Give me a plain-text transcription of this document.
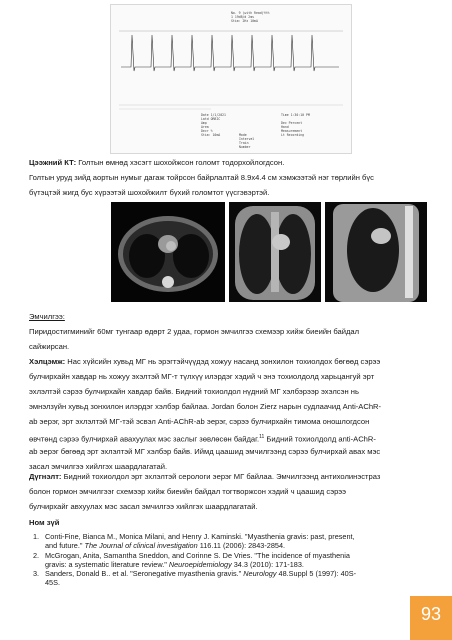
No. 9 (with Read)%%%
1 19dB/d 2ms
Stim: 2Hz 10mA
Date 1/1/2021
Latd ORBIC
Amp
Area
Decr %
Stim: 10mA	Mode
Interval
Train
Number
Time 1:30:10 PM
Dec Percent
Hand
Measurement
Lt Recording
Цээжний КТ: Голтын өмнөд хэсэгт шохойжсон голомт тодорхойлогдсон.
Голтын уруд зийд аортын нумыг дагаж тойрсон байрлалтай 8.9х4.4 см хэмжээтэй нэг төрлийн бүс
бүтэцтэй жигд бус хүрээтэй шохойжилт бүхий голомтот үүсгэвэртэй.
Эмчилгээ:
Пиридостигминийг 60мг тунгаар өдөрт 2 удаа, гормон эмчилгээ схемээр хийж биеийн байдал
сайжирсан.
Хэлцэмж: Нас хүйсийн хувьд МГ нь эрэгтэйчүүдэд хожуу насанд зонхилон тохиолдох бөгөөд сэрээ
булчирхайн хавдар нь хожуу эхэлтэй МГ-т түлхүү илэрдэг хэдий ч энэ тохиолдолд харьцангуй эрт
эхлэлтэй сэрээ булчирхайн хавдар байв. Бидний тохиолдол нүдний МГ хэлбэрээр эхэлсэн нь
эмнэлзүйн хувьд зонхилон илэрдэг хэлбэр байлаа. Jordan болон Zierz нарын судлаачид Anti-AChR-
ab эерэг, эрт эхлэлтэй МГ-тэй эсвэл Anti-AChR-ab эерэг, сэрээ булчирхайн тимома оношлогдсон
өвчтөнд сэрээ булчирхай авахуулах мэс заслыг зөвлөсөн байдаг.$^{11}$ Бидний тохиолдолд anti-AChR-
ab эерэг бөгөөд эрт эхлэлтэй МГ хэлбэр байв. Иймд цаашид эмчилгээнд сэрээ булчирхай авах мэс
засал эмчилгээ хийлгэх шаардлагатай.
Дүгнэлт: Бидний тохиолдол эрт эхлэлтэй серологи эерэг МГ байлаа. Эмчилгээнд антихолинэстраз
болон гормон эмчилгээг схемээр хийж биеийн байдал тогтворжсон хэдий ч цаашид сэрээ
булчирхайг авхуулах мэс засал эмчилгээ хийлгэх шаардлагатай.
Ном зүй
1. Conti-Fine, Bianca M., Monica Milani, and Henry J. Kaminski. "Myasthenia gravis: past, present,
and future." The Journal of clinical investigation 116.11 (2006): 2843-2854.
2. McGrogan, Anita, Samantha Sneddon, and Corinne S. De Vries. "The incidence of myasthenia
gravis: a systematic literature review." Neuroepidemiology 34.3 (2010): 171-183.
3. Sanders, Donald B.. et al. "Seronegative myasthenia gravis." Neurology 48.Suppl 5 (1997): 40S-
45S.
93
